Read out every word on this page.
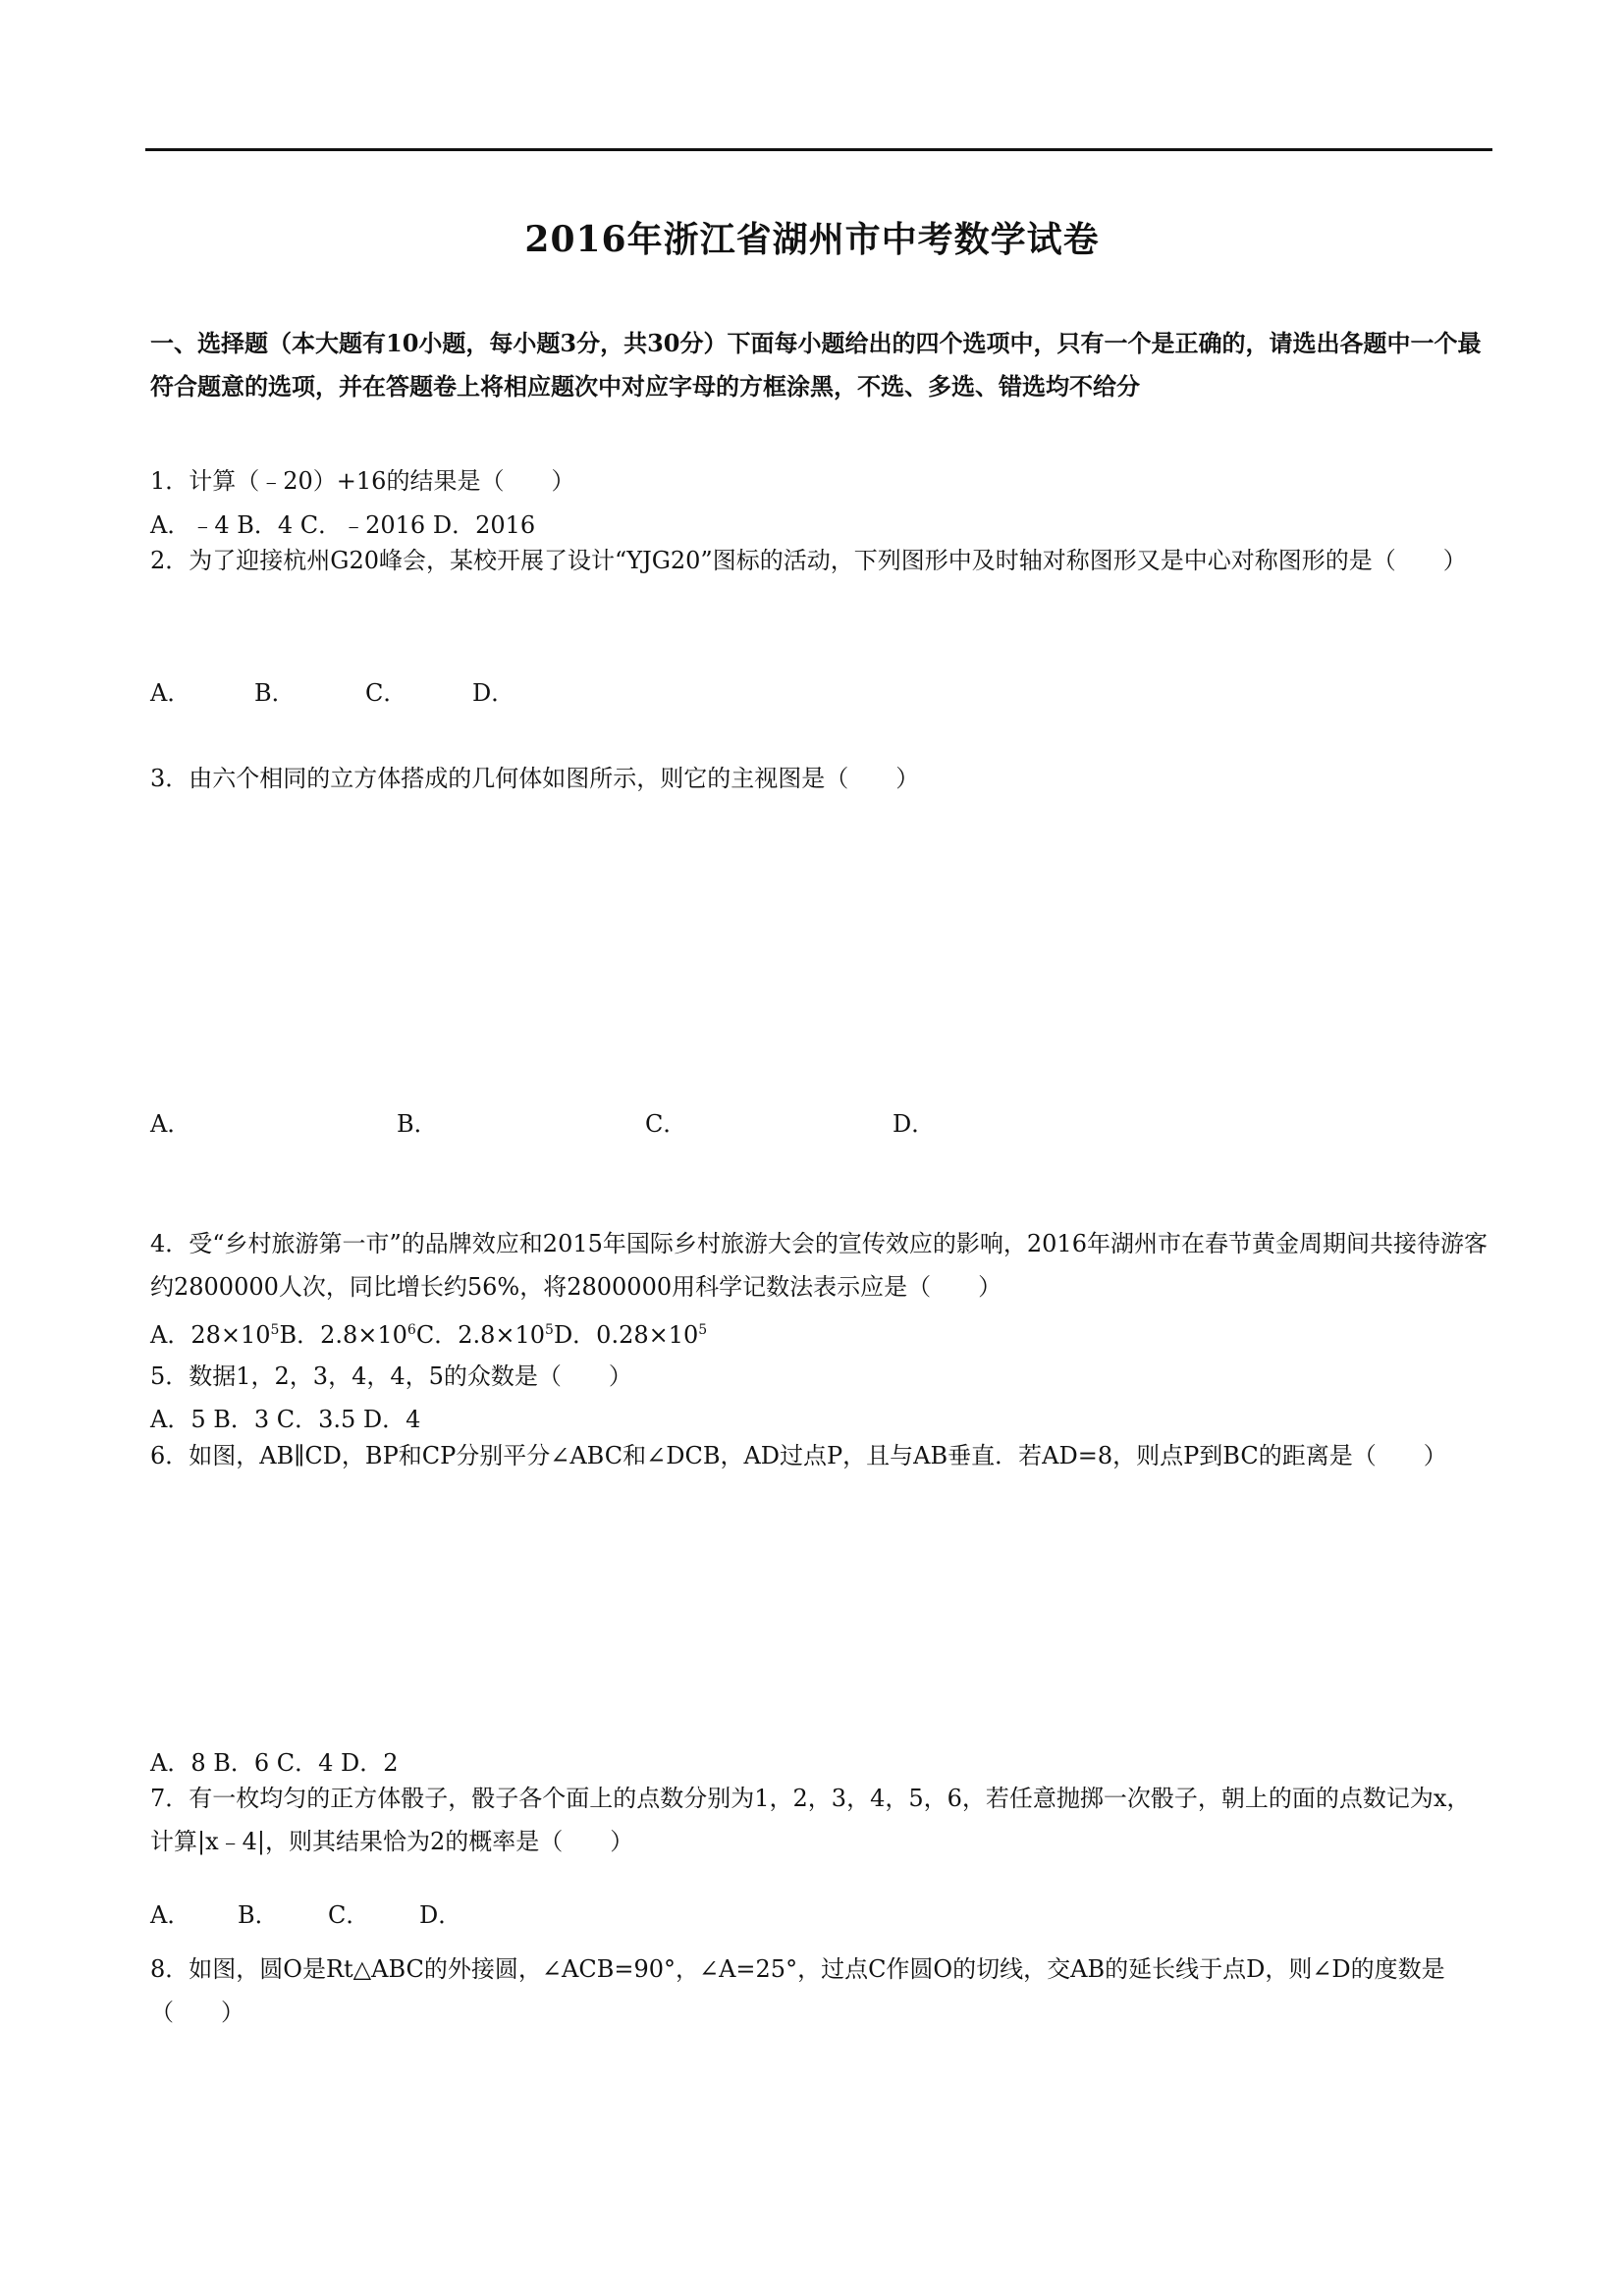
2016年浙江省湖州市中考数学试卷
一、选择题（本大题有10小题，每小题3分，共30分）下面每小题给出的四个选项中，只有一个是正确的，请选出各题中一个最符合题意的选项，并在答题卷上将相应题次中对应字母的方框涂黑，不选、多选、错选均不给分
1．计算（﹣20）+16的结果是（　　）
A．﹣4 B．4 C．﹣2016 D．2016
2．为了迎接杭州G20峰会，某校开展了设计“YJG20”图标的活动，下列图形中及时轴对称图形又是中心对称图形的是（　　）
A．	B．	C．	D．
3．由六个相同的立方体搭成的几何体如图所示，则它的主视图是（　　）
A．	B．	C．	D．
4．受“乡村旅游第一市”的品牌效应和2015年国际乡村旅游大会的宣传效应的影响，2016年湖州市在春节黄金周期间共接待游客约2800000人次，同比增长约56%，将2800000用科学记数法表示应是（　　）
A．$28\times 10^5B$．$2.8\times 10^6C$．$2.8\times 10^5D$．$0.28\times 10^5$
5．数据1，2，3，4，4，5的众数是（　　）
A．5 B．3 C．3.5 D．4
6．如图，AB∥CD，BP和CP分别平分∠ABC和∠DCB，AD过点P，且与AB垂直．若AD=8，则点P到BC的距离是（　　）
A．8 B．6 C．4 D．2
7．有一枚均匀的正方体骰子，骰子各个面上的点数分别为1，2，3，4，5，6，若任意抛掷一次骰子，朝上的面的点数记为x，计算|x﹣4|，则其结果恰为2的概率是（　　）
A． B． C． D．
8．如图，圆O是Rt△ABC的外接圆，∠ACB=90°，∠A=25°，过点C作圆O的切线，交AB的延长线于点D，则∠D的度数是（　　）
